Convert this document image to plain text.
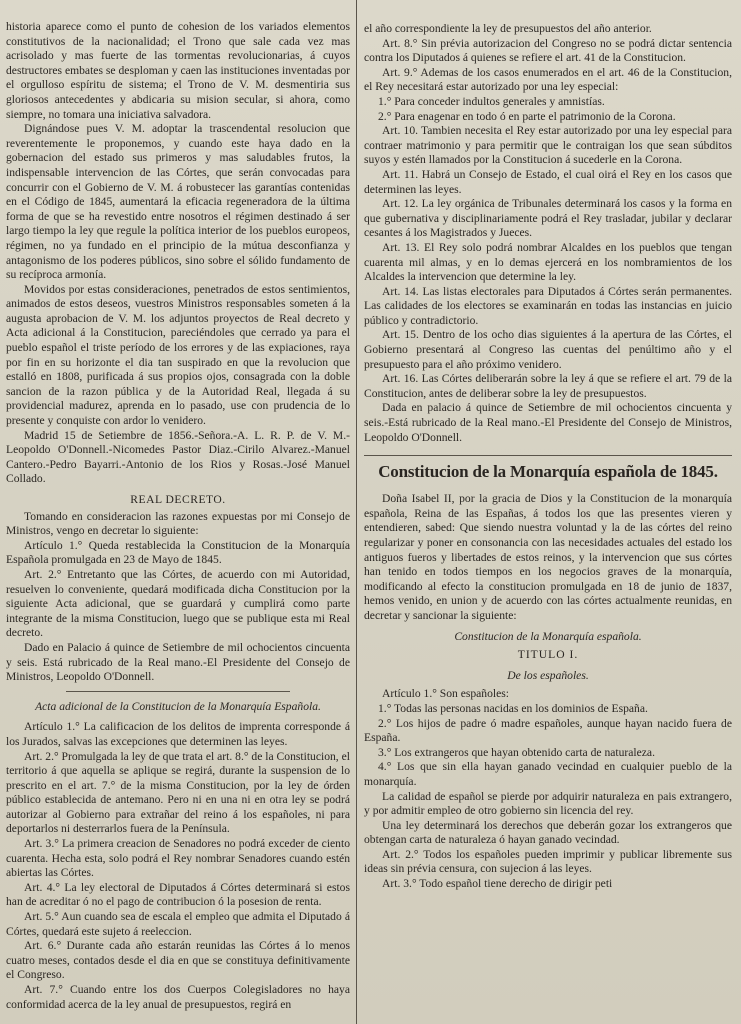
historia aparece como el punto de cohesion de los variados elementos constitutivos de la nacionalidad; el Trono que sale cada vez mas acrisolado y mas fuerte de las tormentas revolucionarias, á cuyos destructores embates se desploman y caen las instituciones inventadas por el orgulloso espíritu de sistema; el Trono de V. M. desmentiria sus gloriosos antecedentes y abdicaria su mision secular, si ahora, como siempre, no tomara una iniciativa salvadora.

Dignándose pues V. M. adoptar la trascendental resolucion que reverentemente le proponemos, y cuando este haya dado en la gobernacion del estado sus primeros y mas saludables frutos, la indispensable intervencion de las Córtes, que serán convocadas para concurrir con el Gobierno de V. M. á robustecer las garantías contenidas en el Código de 1845, aumentará la eficacia regeneradora de la última forma de que se ha revestido entre nosotros el régimen destinado á ser largo tiempo la ley que regule la política interior de los pueblos europeos, régimen, no ya fundado en el principio de la mútua desconfianza y antagonismo de los poderes públicos, sino sobre el sólido fundamento de su recíproca armonía.

Movidos por estas consideraciones, penetrados de estos sentimientos, animados de estos deseos, vuestros Ministros responsables someten á la augusta aprobacion de V. M. los adjuntos proyectos de Real decreto y Acta adicional á la Constitucion, pareciéndoles que cerrado ya para el pueblo español el triste período de los errores y de las expiaciones, raya por fin en su horizonte el dia tan suspirado en que la revolucion que estalló en 1808, purificada á sus propios ojos, consagrada con la doble sancion de la razon pública y de la Autoridad Real, llegada á su providencial madurez, aprenda en lo pasado, use con prudencia de lo presente y conquiste con ardor lo venidero.

Madrid 15 de Setiembre de 1856.-Señora.-A. L. R. P. de V. M.-Leopoldo O'Donnell.-Nicomedes Pastor Diaz.-Cirilo Alvarez.-Manuel Cantero.-Pedro Bayarri.-Antonio de los Rios y Rosas.-José Manuel Collado.

REAL DECRETO.

Tomando en consideracion las razones expuestas por mi Consejo de Ministros, vengo en decretar lo siguiente:

Artículo 1.° Queda restablecida la Constitucion de la Monarquía Española promulgada en 23 de Mayo de 1845.

Art. 2.° Entretanto que las Córtes, de acuerdo con mi Autoridad, resuelven lo conveniente, quedará modificada dicha Constitucion por la siguiente Acta adicional, que se guardará y cumplirá como parte integrante de la misma Constitucion, luego que se publique esta mi Real decreto.

Dado en Palacio á quince de Setiembre de mil ochocientos cincuenta y seis. Está rubricado de la Real mano.-El Presidente del Consejo de Ministros, Leopoldo O'Donnell.

Acta adicional de la Constitucion de la Monarquía Española.

Artículo 1.° La calificacion de los delitos de imprenta corresponde á los Jurados, salvas las excepciones que determinen las leyes.

Art. 2.° Promulgada la ley de que trata el art. 8.° de la Constitucion, el territorio á que aquella se aplique se regirá, durante la suspension de lo prescrito en el art. 7.° de la misma Constitucion, por la ley de órden público establecida de antemano. Pero ni en una ni en otra ley se podrá autorizar al Gobierno para extrañar del reino á los españoles, ni para deportarlos ni desterrarlos fuera de la Península.

Art. 3.° La primera creacion de Senadores no podrá exceder de ciento cuarenta. Hecha esta, solo podrá el Rey nombrar Senadores cuando estén abiertas las Córtes.

Art. 4.° La ley electoral de Diputados á Córtes determinará si estos han de acreditar ó no el pago de contribucion ó la posesion de renta.

Art. 5.° Aun cuando sea de escala el empleo que admita el Diputado á Córtes, quedará este sujeto á reeleccion.

Art. 6.° Durante cada año estarán reunidas las Córtes á lo menos cuatro meses, contados desde el dia en que se constituya definitivamente el Congreso.

Art. 7.° Cuando entre los dos Cuerpos Colegisladores no haya conformidad acerca de la ley anual de presupuestos, regirá en

el año correspondiente la ley de presupuestos del año anterior.

Art. 8.° Sin prévia autorizacion del Congreso no se podrá dictar sentencia contra los Diputados á quienes se refiere el art. 41 de la Constitucion.

Art. 9.° Ademas de los casos enumerados en el art. 46 de la Constitucion, el Rey necesitará estar autorizado por una ley especial:

1.° Para conceder indultos generales y amnistías.

2.° Para enagenar en todo ó en parte el patrimonio de la Corona.

Art. 10. Tambien necesita el Rey estar autorizado por una ley especial para contraer matrimonio y para permitir que le contraigan los que sean súbditos suyos y estén llamados por la Constitucion á sucederle en la Corona.

Art. 11. Habrá un Consejo de Estado, el cual oirá el Rey en los casos que determinen las leyes.

Art. 12. La ley orgánica de Tribunales determinará los casos y la forma en que gubernativa y disciplinariamente podrá el Rey trasladar, jubilar y declarar cesantes á los Magistrados y Jueces.

Art. 13. El Rey solo podrá nombrar Alcaldes en los pueblos que tengan cuarenta mil almas, y en lo demas ejercerá en los nombramientos de los Alcaldes la intervencion que determine la ley.

Art. 14. Las listas electorales para Diputados á Córtes serán permanentes. Las calidades de los electores se examinarán en todas las instancias en juicio público y contradictorio.

Art. 15. Dentro de los ocho dias siguientes á la apertura de las Córtes, el Gobierno presentará al Congreso las cuentas del penúltimo año y el presupuesto para el año próximo venidero.

Art. 16. Las Córtes deliberarán sobre la ley á que se refiere el art. 79 de la Constitucion, antes de deliberar sobre la ley de presupuestos.

Dada en palacio á quince de Setiembre de mil ochocientos cincuenta y seis.-Está rubricado de la Real mano.-El Presidente del Consejo de Ministros, Leopoldo O'Donnell.

Constitucion de la Monarquía española de 1845.

Doña Isabel II, por la gracia de Dios y la Constitucion de la monarquía española, Reina de las Españas, á todos los que las presentes vieren y entendieren, sabed: Que siendo nuestra voluntad y la de las córtes del reino regularizar y poner en consonancia con las necesidades actuales del estado los antiguos fueros y libertades de estos reinos, y la intervencion que sus córtes han tenido en todos tiempos en los negocios graves de la monarquía, modificando al efecto la constitucion promulgada en 18 de junio de 1837, hemos venido, en union y de acuerdo con las córtes actualmente reunidas, en decretar y sancionar la siguiente:

Constitucion de la Monarquía española.

TITULO I.

De los españoles.

Artículo 1.° Son españoles:

1.° Todas las personas nacidas en los dominios de España.

2.° Los hijos de padre ó madre españoles, aunque hayan nacido fuera de España.

3.° Los extrangeros que hayan obtenido carta de naturaleza.

4.° Los que sin ella hayan ganado vecindad en cualquier pueblo de la monarquía.

La calidad de español se pierde por adquirir naturaleza en pais extrangero, y por admitir empleo de otro gobierno sin licencia del rey.

Una ley determinará los derechos que deberán gozar los extrangeros que obtengan carta de naturaleza ó hayan ganado vecindad.

Art. 2.° Todos los españoles pueden imprimir y publicar libremente sus ideas sin prévia censura, con sujecion á las leyes.

Art. 3.° Todo español tiene derecho de dirigir peti
